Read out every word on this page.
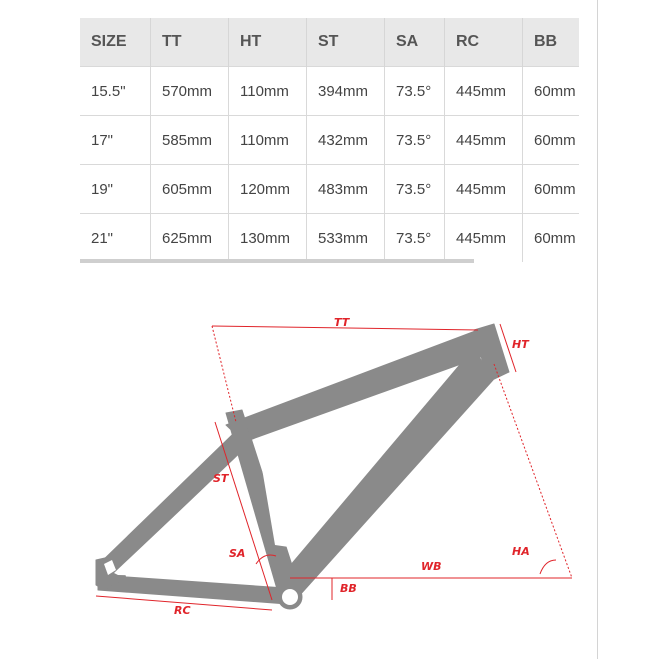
SIZE	TT	HT	ST	SA	RC	BB
15.5"	570mm	110mm	394mm	73.5°	445mm	60mm
17"	585mm	110mm	432mm	73.5°	445mm	60mm
19"	605mm	120mm	483mm	73.5°	445mm	60mm
21"	625mm	130mm	533mm	73.5°	445mm	60mm
TT
HT
ST
SA
WB
HA
BB
RC
